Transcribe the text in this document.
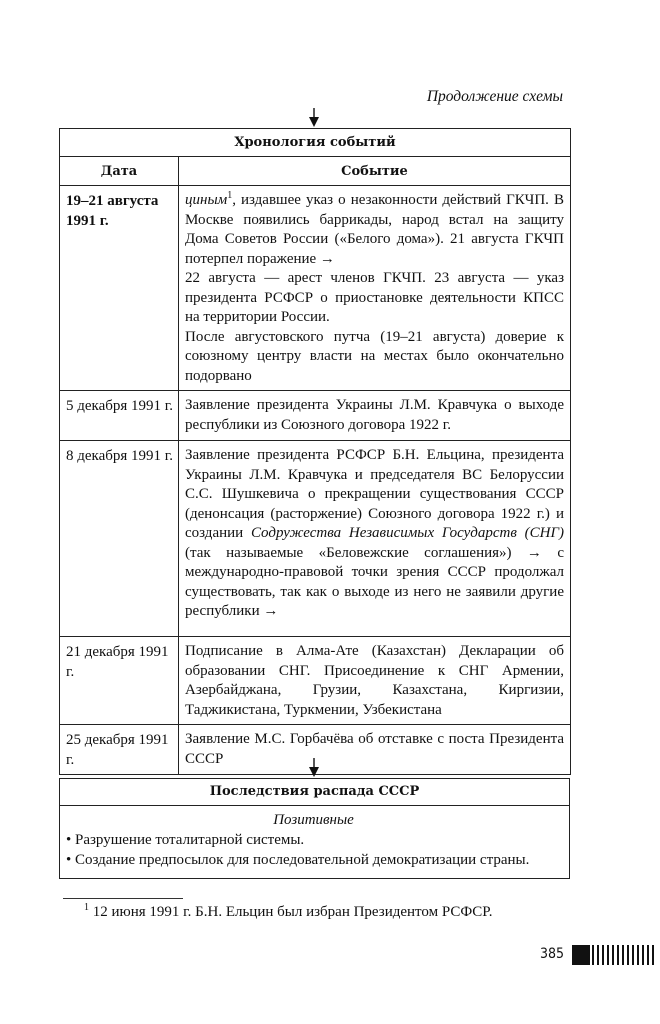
Продолжение схемы
Хронология событий	
Дата	Событие
19–21 августа 1991 г.	циным$^1$, издавшее указ о незаконности действий ГКЧП. В Москве появились баррикады, народ встал на защиту Дома Советов России («Белого дома»). 21 августа ГКЧП потерпел поражение →

22 августа — арест членов ГКЧП. 23 августа — указ президента РСФСР о приостановке деятельности КПСС на территории России.

После августовского путча (19–21 августа) доверие к союзному центру власти на местах было окончательно подорвано

5 декабря 1991 г.	Заявление президента Украины Л.М. Кравчука о выходе республики из Союзного договора 1922 г.
8 декабря 1991 г.	Заявление президента РСФСР Б.Н. Ельцина, президента Украины Л.М. Кравчука и председателя ВС Белоруссии С.С. Шушкевича о прекращении существования СССР (денонсация (расторжение) Союзного договора 1922 г.) и создании Содружества Независимых Государств (СНГ) (так называемые «Беловежские соглашения») → с международно-правовой точки зрения СССР продолжал существовать, так как о выходе из него не заявили другие республики →
21 декабря 1991 г.	Подписание в Алма-Ате (Казахстан) Декларации об образовании СНГ. Присоединение к СНГ Армении, Азербайджана, Грузии, Казахстана, Киргизии, Таджикистана, Туркмении, Узбекистана
25 декабря 1991 г.	Заявление М.С. Горбачёва об отставке с поста Президента СССР
Последствия распада СССР
Позитивные
• Разрушение тоталитарной системы.
• Создание предпосылок для последовательной демократизации страны.
$^1$ 12 июня 1991 г. Б.Н. Ельцин был избран Президентом РСФСР.
385
